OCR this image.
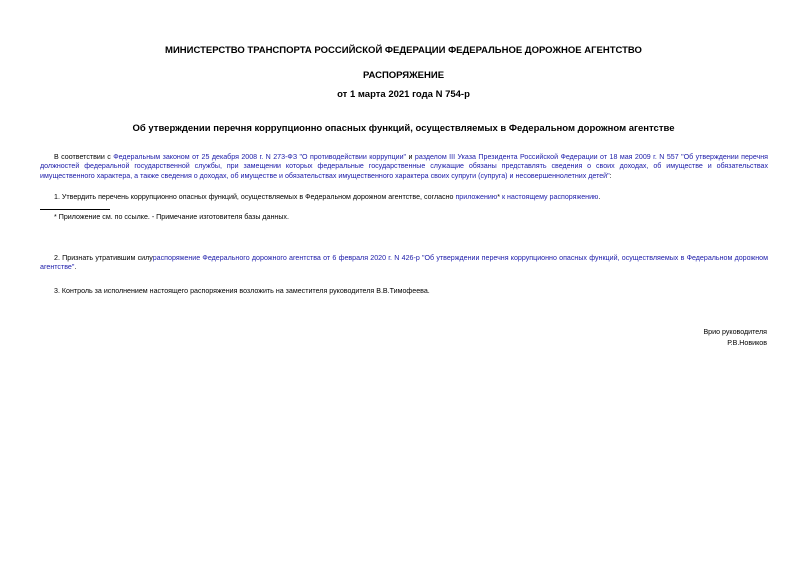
МИНИСТЕРСТВО ТРАНСПОРТА РОССИЙСКОЙ ФЕДЕРАЦИИ ФЕДЕРАЛЬНОЕ ДОРОЖНОЕ АГЕНТСТВО
РАСПОРЯЖЕНИЕ
от 1 марта 2021 года N 754-р
Об утверждении перечня коррупционно опасных функций, осуществляемых в Федеральном дорожном агентстве
В соответствии с Федеральным законом от 25 декабря 2008 г. N 273-ФЗ "О противодействии коррупции" и разделом III Указа Президента Российской Федерации от 18 мая 2009 г. N 557 "Об утверждении перечня должностей федеральной государственной службы, при замещении которых федеральные государственные служащие обязаны представлять сведения о своих доходах, об имуществе и обязательствах имущественного характера, а также сведения о доходах, об имуществе и обязательствах имущественного характера своих супруги (супруга) и несовершеннолетних детей":
1. Утвердить перечень коррупционно опасных функций, осуществляемых в Федеральном дорожном агентстве, согласно приложению* к настоящему распоряжению.
* Приложение см. по ссылке. - Примечание изготовителя базы данных.
2. Признать утратившим силураспоряжение Федерального дорожного агентства от 6 февраля 2020 г. N 426-р "Об утверждении перечня коррупционно опасных функций, осуществляемых в Федеральном дорожном агентстве".
3. Контроль за исполнением настоящего распоряжения возложить на заместителя руководителя В.В.Тимофеева.
Врио руководителя
Р.В.Новиков
